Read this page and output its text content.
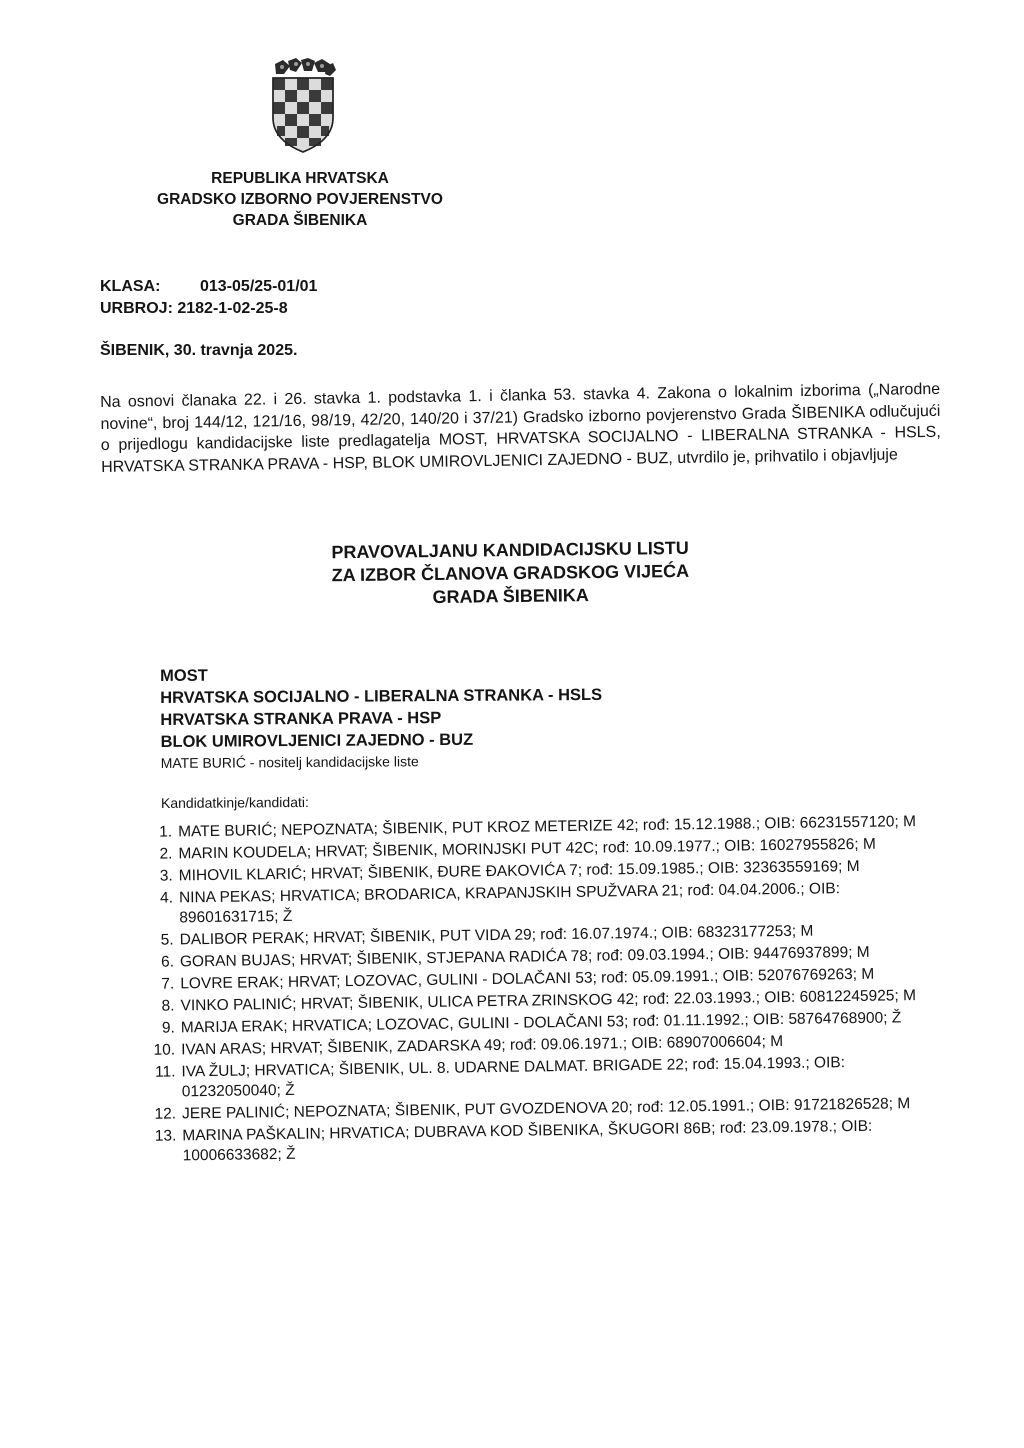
REPUBLIKA HRVATSKA
GRADSKO IZBORNO POVJERENSTVO
GRADA ŠIBENIKA
KLASA: 013-05/25-01/01
URBROJ: 2182-1-02-25-8
ŠIBENIK, 30. travnja 2025.
Na osnovi članaka 22. i 26. stavka 1. podstavka 1. i članka 53. stavka 4. Zakona o lokalnim izborima („Narodne novine“, broj 144/12, 121/16, 98/19, 42/20, 140/20 i 37/21) Gradsko izborno povjerenstvo Grada ŠIBENIKA odlučujući o prijedlogu kandidacijske liste predlagatelja MOST, HRVATSKA SOCIJALNO - LIBERALNA STRANKA - HSLS, HRVATSKA STRANKA PRAVA - HSP, BLOK UMIROVLJENICI ZAJEDNO - BUZ, utvrdilo je, prihvatilo i objavljuje
PRAVOVALJANU KANDIDACIJSKU LISTU
ZA IZBOR ČLANOVA GRADSKOG VIJEĆA
GRADA ŠIBENIKA
MOST
HRVATSKA SOCIJALNO - LIBERALNA STRANKA - HSLS
HRVATSKA STRANKA PRAVA - HSP
BLOK UMIROVLJENICI ZAJEDNO - BUZ
MATE BURIĆ - nositelj kandidacijske liste
Kandidatkinje/kandidati:
1. MATE BURIĆ; NEPOZNATA; ŠIBENIK, PUT KROZ METERIZE 42; rođ: 15.12.1988.; OIB: 66231557120; M
2. MARIN KOUDELA; HRVAT; ŠIBENIK, MORINJSKI PUT 42C; rođ: 10.09.1977.; OIB: 16027955826; M
3. MIHOVIL KLARIĆ; HRVAT; ŠIBENIK, ĐURE ĐAKOVIĆA 7; rođ: 15.09.1985.; OIB: 32363559169; M
4. NINA PEKAS; HRVATICA; BRODARICA, KRAPANJSKIH SPUŽVARA 21; rođ: 04.04.2006.; OIB: 89601631715; Ž
5. DALIBOR PERAK; HRVAT; ŠIBENIK, PUT VIDA 29; rođ: 16.07.1974.; OIB: 68323177253; M
6. GORAN BUJAS; HRVAT; ŠIBENIK, STJEPANA RADIĆA 78; rođ: 09.03.1994.; OIB: 94476937899; M
7. LOVRE ERAK; HRVAT; LOZOVAC, GULINI - DOLAČANI 53; rođ: 05.09.1991.; OIB: 52076769263; M
8. VINKO PALINIĆ; HRVAT; ŠIBENIK, ULICA PETRA ZRINSKOG 42; rođ: 22.03.1993.; OIB: 60812245925; M
9. MARIJA ERAK; HRVATICA; LOZOVAC, GULINI - DOLAČANI 53; rođ: 01.11.1992.; OIB: 58764768900; Ž
10. IVAN ARAS; HRVAT; ŠIBENIK, ZADARSKA 49; rođ: 09.06.1971.; OIB: 68907006604; M
11. IVA ŽULJ; HRVATICA; ŠIBENIK, UL. 8. UDARNE DALMAT. BRIGADE 22; rođ: 15.04.1993.; OIB: 01232050040; Ž
12. JERE PALINIĆ; NEPOZNATA; ŠIBENIK, PUT GVOZDENOVA 20; rođ: 12.05.1991.; OIB: 91721826528; M
13. MARINA PAŠKALIN; HRVATICA; DUBRAVA KOD ŠIBENIKA, ŠKUGORI 86B; rođ: 23.09.1978.; OIB: 10006633682; Ž
